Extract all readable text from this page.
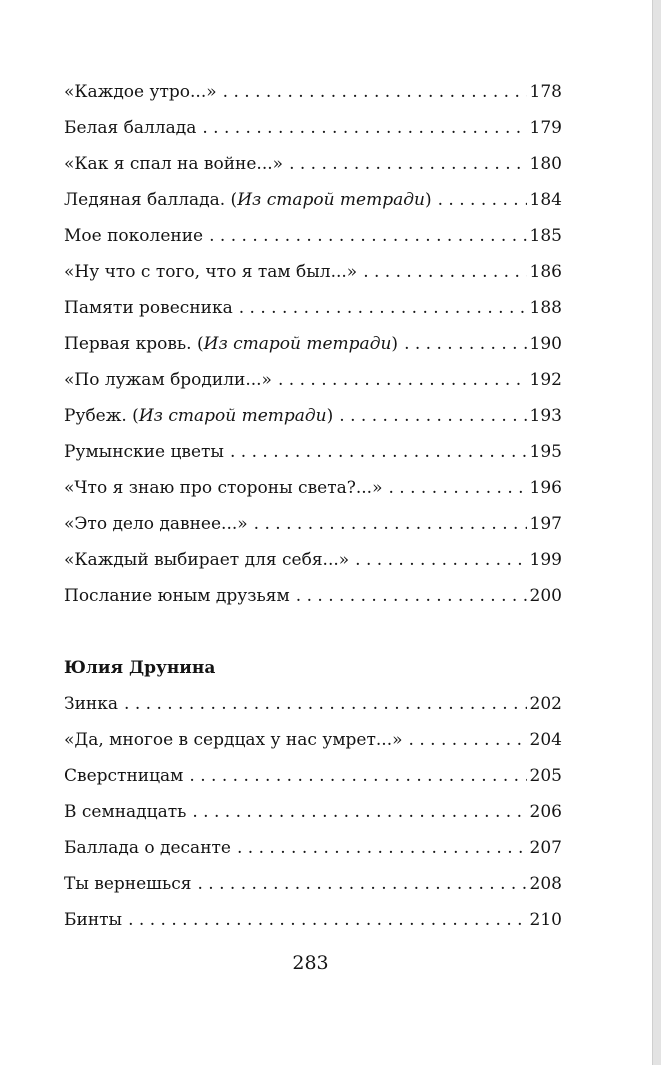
«Каждое утро...» . . .	178
Белая баллада . . .	179
«Как я спал на войне...» . . .	180
Ледяная баллада. (Из старой тетради) . . .	184
Мое поколение . . .	185
«Ну что с того, что я там был...» . . .	186
Памяти ровесника . . .	188
Первая кровь. (Из старой тетради) . . .	190
«По лужам бродили...» . . .	192
Рубеж. (Из старой тетради) . . .	193
Румынские цветы . . .	195
«Что я знаю про стороны света?...» . . .	196
«Это дело давнее...» . . .	197
«Каждый выбирает для себя...» . . .	199
Послание юным друзьям . . .	200
Юлия Друнина
Зинка . . .	202
«Да, многое в сердцах у нас умрет...» . . .	204
Сверстницам . . .	205
В семнадцать . . .	206
Баллада о десанте . . .	207
Ты вернешься . . .	208
Бинты . . .	210
283
